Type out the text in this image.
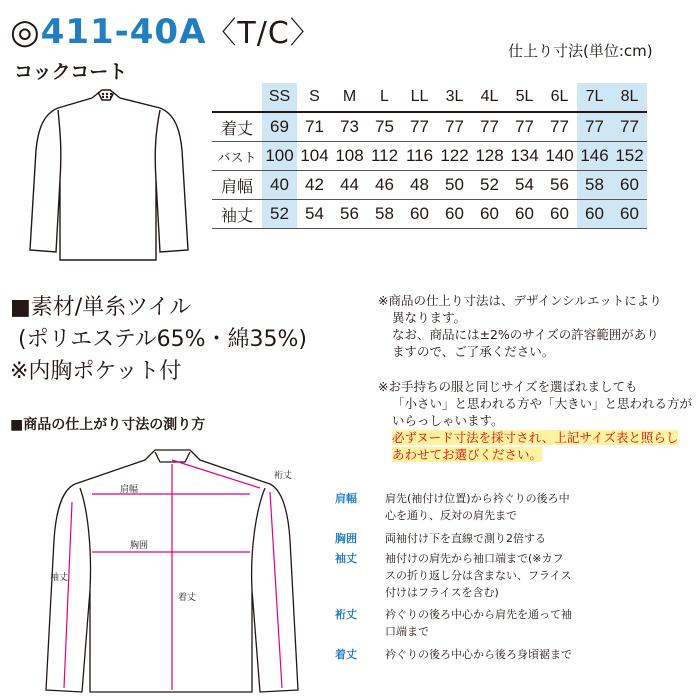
◎411-40A〈T/C〉
コックコート
仕上り寸法(単位:cm)
	SS	S	M	L	LL	3L	4L	5L	6L	7L	8L
着丈	69	71	73	75	77	77	77	77	77	77	77
バスト	100	104	108	112	116	122	128	134	140	146	152
肩幅	40	42	44	46	48	50	52	54	56	58	60
袖丈	52	54	56	58	60	60	60	60	60	60	60
■素材/単糸ツイル
(ポリエステル65%・綿35%)
※内胸ポケット付
※商品の仕上り寸法は、デザインシルエットにより
異なります。
なお、商品には±2%のサイズの許容範囲があり
ますので、ご了承ください。
※お手持ちの服と同じサイズを選ばれましても
「小さい」と思われる方や「大きい」と思われる方が
いらっしゃいます。
必ずヌード寸法を採寸され、上記サイズ表と照らし
あわせてお選びください。
■商品の仕上がり寸法の測り方
肩幅
胸囲
着丈
袖丈
裄丈
肩幅	肩先(袖付け位置)から衿ぐりの後ろ中
心を通り、反対の肩先まで
胸囲	両袖付け下を直線で測り2倍する
袖丈	袖付けの肩先から袖口端まで(※カフ
スの折り返し分は含まない、フライス
付けはフライスを含む)
裄丈	衿ぐりの後ろ中心から肩先を通って袖
口端まで
着丈	衿ぐりの後ろ中心から後ろ身頃裾まで
